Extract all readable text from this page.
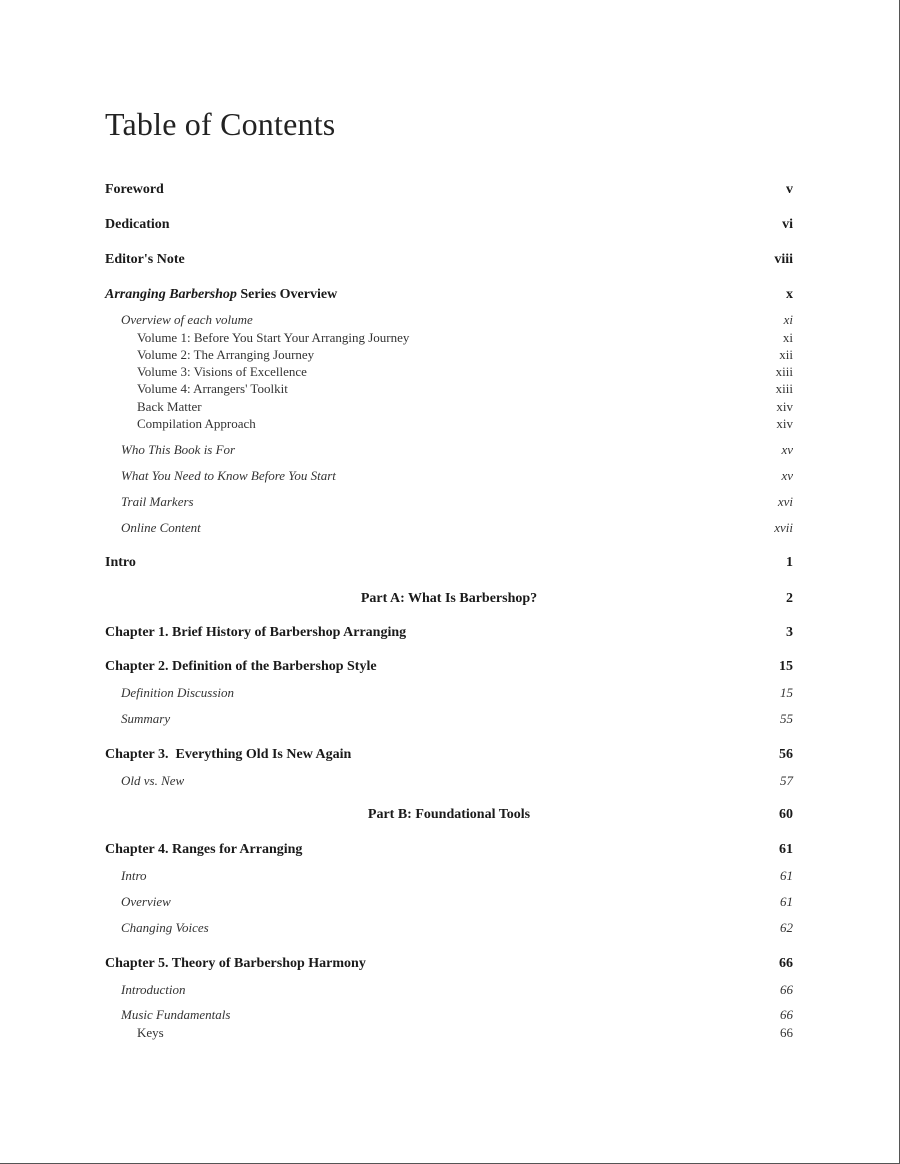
Table of Contents
Foreword	v
Dedication	vi
Editor's Note	viii
Arranging Barbershop Series Overview	x
Overview of each volume	xi
Volume 1: Before You Start Your Arranging Journey	xi
Volume 2: The Arranging Journey	xii
Volume 3: Visions of Excellence	xiii
Volume 4: Arrangers' Toolkit	xiii
Back Matter	xiv
Compilation Approach	xiv
Who This Book is For	xv
What You Need to Know Before You Start	xv
Trail Markers	xvi
Online Content	xvii
Intro	1
Part A: What Is Barbershop?	2
Chapter 1. Brief History of Barbershop Arranging	3
Chapter 2. Definition of the Barbershop Style	15
Definition Discussion	15
Summary	55
Chapter 3.  Everything Old Is New Again	56
Old vs. New	57
Part B: Foundational Tools	60
Chapter 4. Ranges for Arranging	61
Intro	61
Overview	61
Changing Voices	62
Chapter 5. Theory of Barbershop Harmony	66
Introduction	66
Music Fundamentals	66
Keys	66
